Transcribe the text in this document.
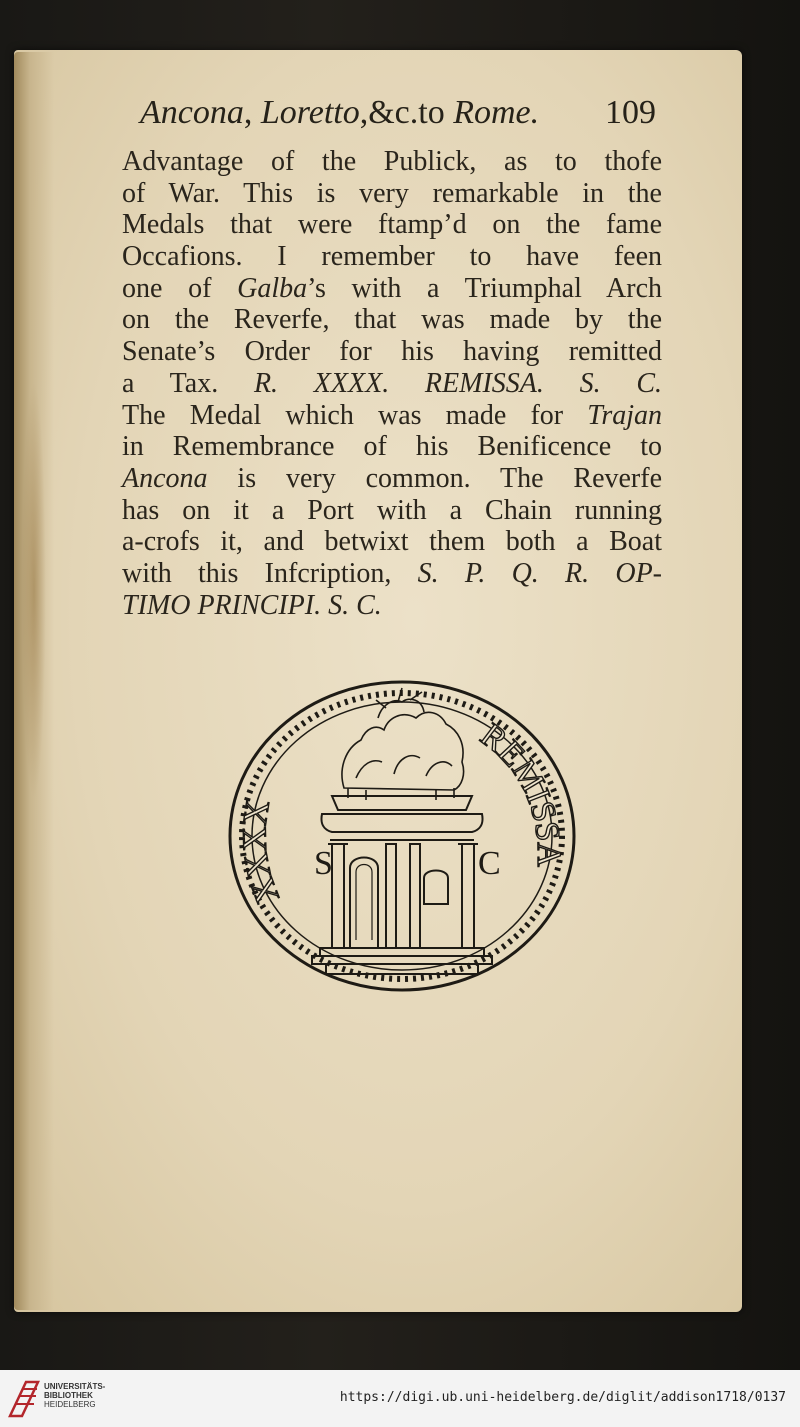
Ancona, Loretto,&c.to Rome. 109
Advantage of the Publick, as to thofe
of War. This is very remarkable in the
Medals that were ftamp’d on the fame
Occafions. I remember to have feen
one of Galba’s with a Triumphal Arch
on the Reverfe, that was made by the
Senate’s Order for his having remitted
a Tax. R. XXXX. REMISSA. S. C.
The Medal which was made for Trajan
in Remembrance of his Benificence to
Ancona is very common. The Reverfe
has on it a Port with a Chain running
a-crofs it, and betwixt them both a Boat
with this Infcription, S. P. Q. R. OP-
TIMO PRINCIPI. S. C.
S	C
XXXX
REMISSA
UNIVERSITÄTS-
BIBLIOTHEK
HEIDELBERG	https://digi.ub.uni-heidelberg.de/diglit/addison1718/0137
